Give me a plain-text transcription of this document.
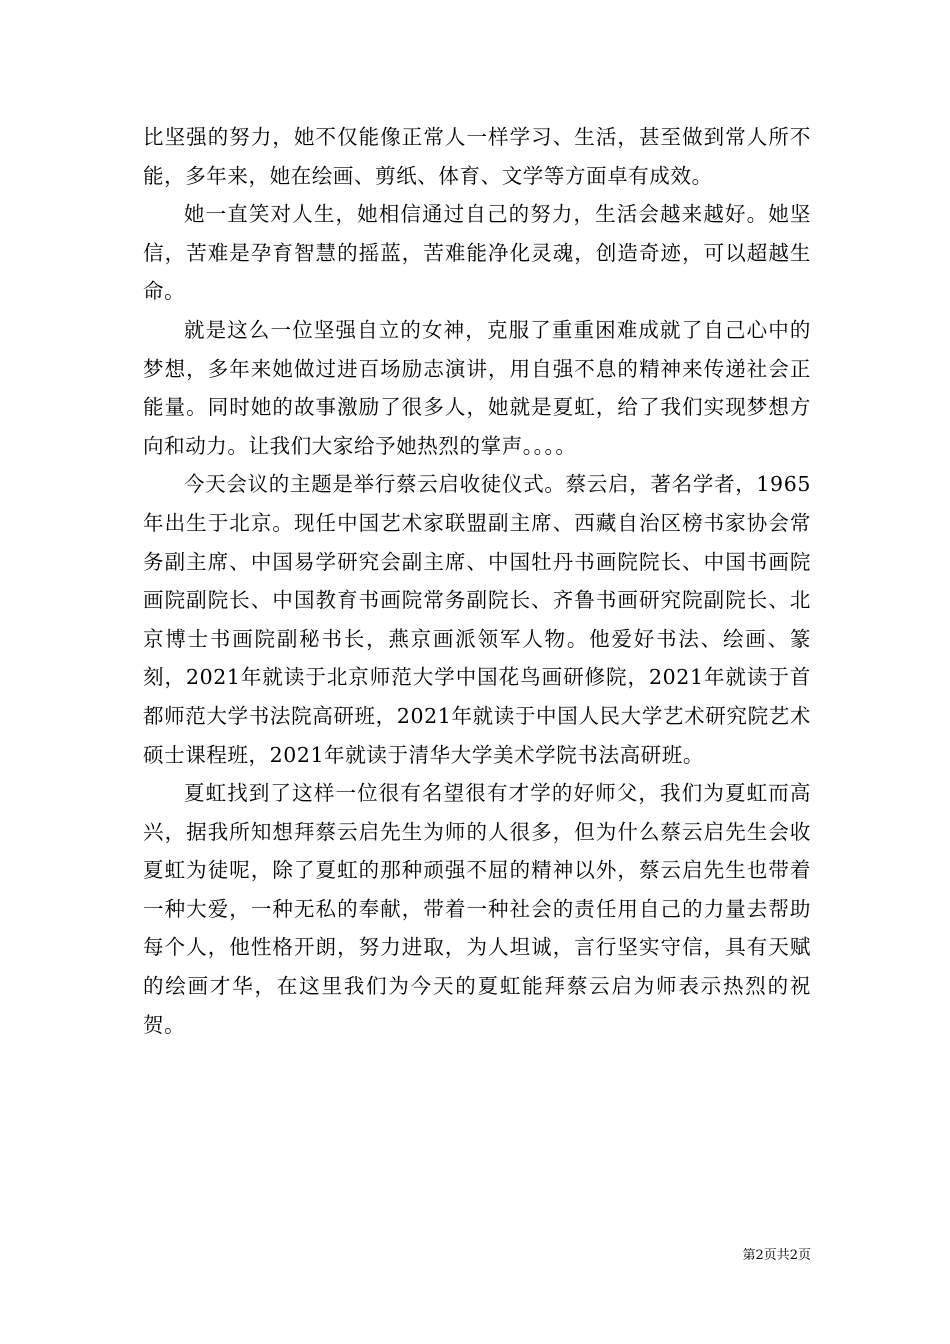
比坚强的努力，她不仅能像正常人一样学习、生活，甚至做到常人所不能，多年来，她在绘画、剪纸、体育、文学等方面卓有成效。

她一直笑对人生，她相信通过自己的努力，生活会越来越好。她坚信，苦难是孕育智慧的摇蓝，苦难能净化灵魂，创造奇迹，可以超越生命。

就是这么一位坚强自立的女神，克服了重重困难成就了自己心中的梦想，多年来她做过进百场励志演讲，用自强不息的精神来传递社会正能量。同时她的故事激励了很多人，她就是夏虹，给了我们实现梦想方向和动力。让我们大家给予她热烈的掌声。。。。

今天会议的主题是举行蔡云启收徒仪式。蔡云启，著名学者，1965年出生于北京。现任中国艺术家联盟副主席、西藏自治区榜书家协会常务副主席、中国易学研究会副主席、中国牡丹书画院院长、中国书画院画院副院长、中国教育书画院常务副院长、齐鲁书画研究院副院长、北京博士书画院副秘书长，燕京画派领军人物。他爱好书法、绘画、篆刻，2021年就读于北京师范大学中国花鸟画研修院，2021年就读于首都师范大学书法院高研班，2021年就读于中国人民大学艺术研究院艺术硕士课程班，2021年就读于清华大学美术学院书法高研班。

夏虹找到了这样一位很有名望很有才学的好师父，我们为夏虹而高兴，据我所知想拜蔡云启先生为师的人很多，但为什么蔡云启先生会收夏虹为徒呢，除了夏虹的那种顽强不屈的精神以外，蔡云启先生也带着一种大爱，一种无私的奉献，带着一种社会的责任用自己的力量去帮助每个人，他性格开朗，努力进取，为人坦诚，言行坚实守信，具有天赋的绘画才华，在这里我们为今天的夏虹能拜蔡云启为师表示热烈的祝贺。

第2页共2页
